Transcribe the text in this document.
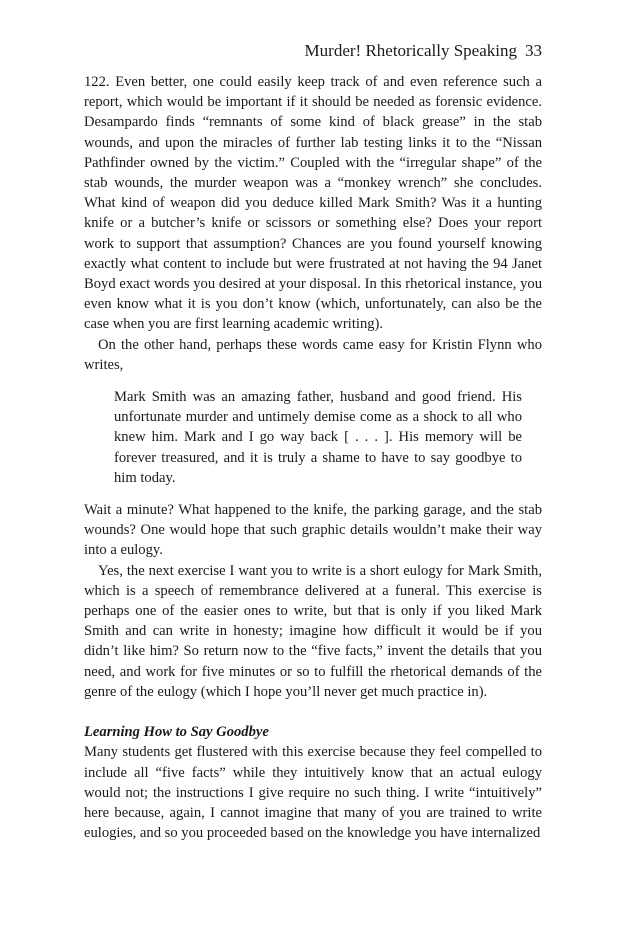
Murder! Rhetorically Speaking 33

122. Even better, one could easily keep track of and even reference such a report, which would be important if it should be needed as forensic evidence. Desampardo finds “remnants of some kind of black grease” in the stab wounds, and upon the miracles of further lab testing links it to the “Nissan Pathfinder owned by the victim.” Coupled with the “irregular shape” of the stab wounds, the murder weapon was a “monkey wrench” she concludes. What kind of weapon did you deduce killed Mark Smith? Was it a hunting knife or a butcher’s knife or scissors or something else? Does your report work to support that assumption? Chances are you found yourself knowing exactly what content to include but were frustrated at not having the 94 Janet Boyd exact words you desired at your disposal. In this rhetorical instance, you even know what it is you don’t know (which, unfortunately, can also be the case when you are first learning academic writing).

On the other hand, perhaps these words came easy for Kristin Flynn who writes,

Mark Smith was an amazing father, husband and good friend. His unfortunate murder and untimely demise come as a shock to all who knew him. Mark and I go way back [ . . . ]. His memory will be forever treasured, and it is truly a shame to have to say goodbye to him today.

Wait a minute? What happened to the knife, the parking garage, and the stab wounds? One would hope that such graphic details wouldn’t make their way into a eulogy.

Yes, the next exercise I want you to write is a short eulogy for Mark Smith, which is a speech of remembrance delivered at a funeral. This exercise is perhaps one of the easier ones to write, but that is only if you liked Mark Smith and can write in honesty; imagine how difficult it would be if you didn’t like him? So return now to the “five facts,” invent the details that you need, and work for five minutes or so to fulfill the rhetorical demands of the genre of the eulogy (which I hope you’ll never get much practice in).

Learning How to Say Goodbye

Many students get flustered with this exercise because they feel compelled to include all “five facts” while they intuitively know that an actual eulogy would not; the instructions I give require no such thing. I write “intuitively” here because, again, I cannot imagine that many of you are trained to write eulogies, and so you proceeded based on the knowledge you have internalized
